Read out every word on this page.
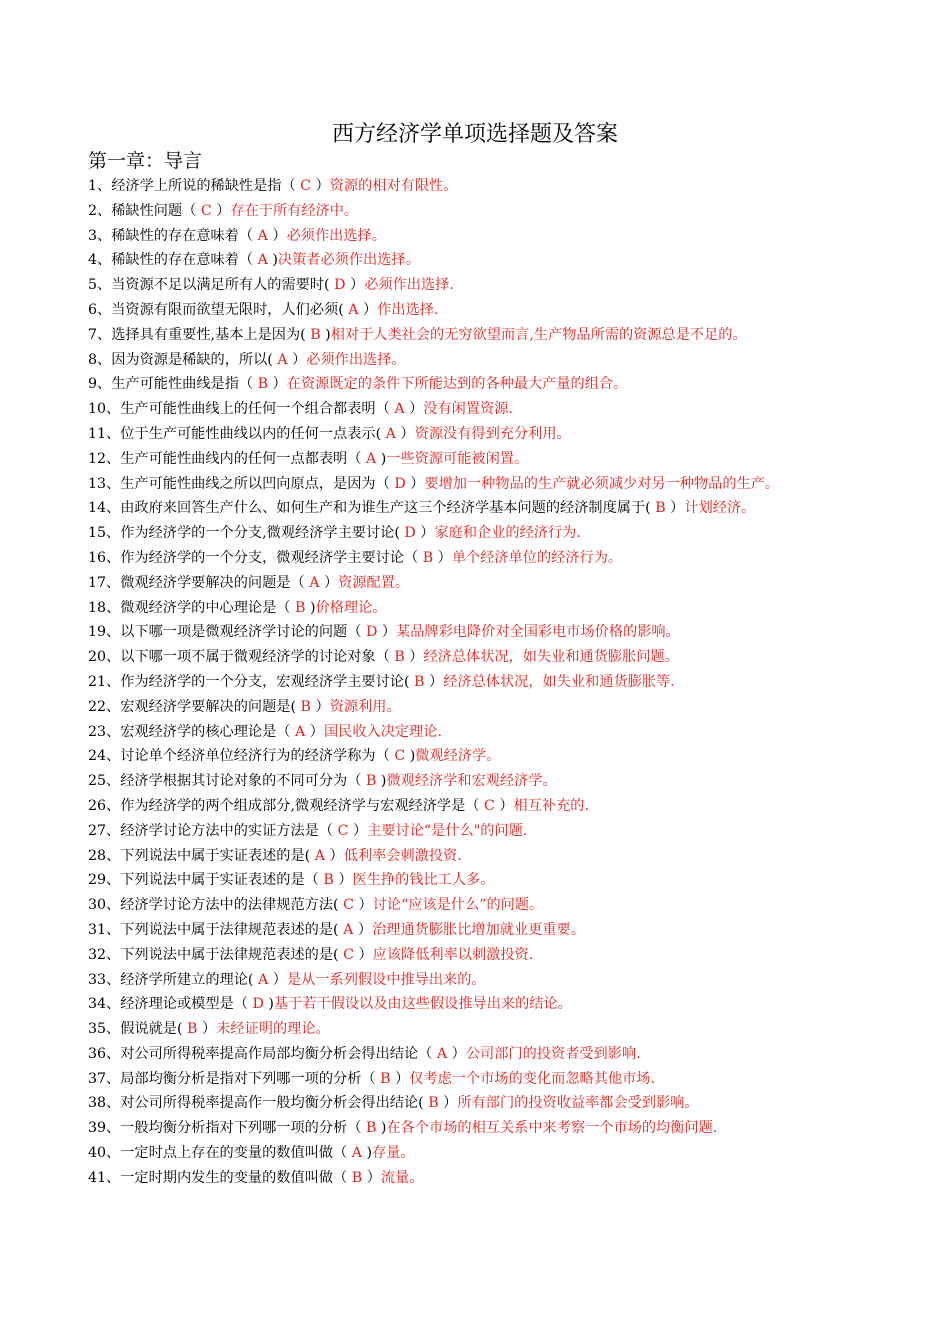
西方经济学单项选择题及答案
第一章：导言
1、经济学上所说的稀缺性是指（ C ）资源的相对有限性。
2、稀缺性问题（ C ）存在于所有经济中。
3、稀缺性的存在意味着（ A ）必须作出选择。
4、稀缺性的存在意味着（ A )决策者必须作出选择。
5、当资源不足以满足所有人的需要时( D ）必须作出选择.
6、当资源有限而欲望无限时，人们必须( A ）作出选择.
7、选择具有重要性,基本上是因为( B )相对于人类社会的无穷欲望而言,生产物品所需的资源总是不足的。
8、因为资源是稀缺的，所以( A ）必须作出选择。
9、生产可能性曲线是指（ B ）在资源既定的条件下所能达到的各种最大产量的组合。
10、生产可能性曲线上的任何一个组合都表明（ A ）没有闲置资源.
11、位于生产可能性曲线以内的任何一点表示( A ）资源没有得到充分利用。
12、生产可能性曲线内的任何一点都表明（ A )一些资源可能被闲置。
13、生产可能性曲线之所以凹向原点，是因为（ D ）要增加一种物品的生产就必须减少对另一种物品的生产。
14、由政府来回答生产什么、如何生产和为谁生产这三个经济学基本问题的经济制度属于( B ）计划经济。
15、作为经济学的一个分支,微观经济学主要讨论( D ）家庭和企业的经济行为.
16、作为经济学的一个分支，微观经济学主要讨论（ B ）单个经济单位的经济行为。
17、微观经济学要解决的问题是（ A ）资源配置。
18、微观经济学的中心理论是（ B )价格理论。
19、以下哪一项是微观经济学讨论的问题（ D ）某品牌彩电降价对全国彩电市场价格的影响。
20、以下哪一项不属于微观经济学的讨论对象（ B ）经济总体状况，如失业和通货膨胀问题。
21、作为经济学的一个分支，宏观经济学主要讨论( B ）经济总体状况，如失业和通货膨胀等.
22、宏观经济学要解决的问题是( B ）资源利用。
23、宏观经济学的核心理论是（ A ）国民收入决定理论.
24、讨论单个经济单位经济行为的经济学称为（ C )微观经济学。
25、经济学根据其讨论对象的不同可分为（ B )微观经济学和宏观经济学。
26、作为经济学的两个组成部分,微观经济学与宏观经济学是（ C ）相互补充的.
27、经济学讨论方法中的实证方法是（ C ）主要讨论“是什么"的问题.
28、下列说法中属于实证表述的是( A ）低利率会刺激投资.
29、下列说法中属于实证表述的是（ B ）医生挣的钱比工人多。
30、经济学讨论方法中的法律规范方法( C ）讨论“应该是什么”的问题。
31、下列说法中属于法律规范表述的是( A ）治理通货膨胀比增加就业更重要。
32、下列说法中属于法律规范表述的是( C ）应该降低利率以刺激投资.
33、经济学所建立的理论( A ）是从一系列假设中推导出来的。
34、经济理论或模型是（ D )基于若干假设以及由这些假设推导出来的结论。
35、假说就是( B ）未经证明的理论。
36、对公司所得税率提高作局部均衡分析会得出结论（ A ）公司部门的投资者受到影响.
37、局部均衡分析是指对下列哪一项的分析（ B ）仅考虑一个市场的变化而忽略其他市场.
38、对公司所得税率提高作一般均衡分析会得出结论( B ）所有部门的投资收益率都会受到影响。
39、一般均衡分析指对下列哪一项的分析（ B )在各个市场的相互关系中来考察一个市场的均衡问题.
40、一定时点上存在的变量的数值叫做（ A )存量。
41、一定时期内发生的变量的数值叫做（ B ）流量。
